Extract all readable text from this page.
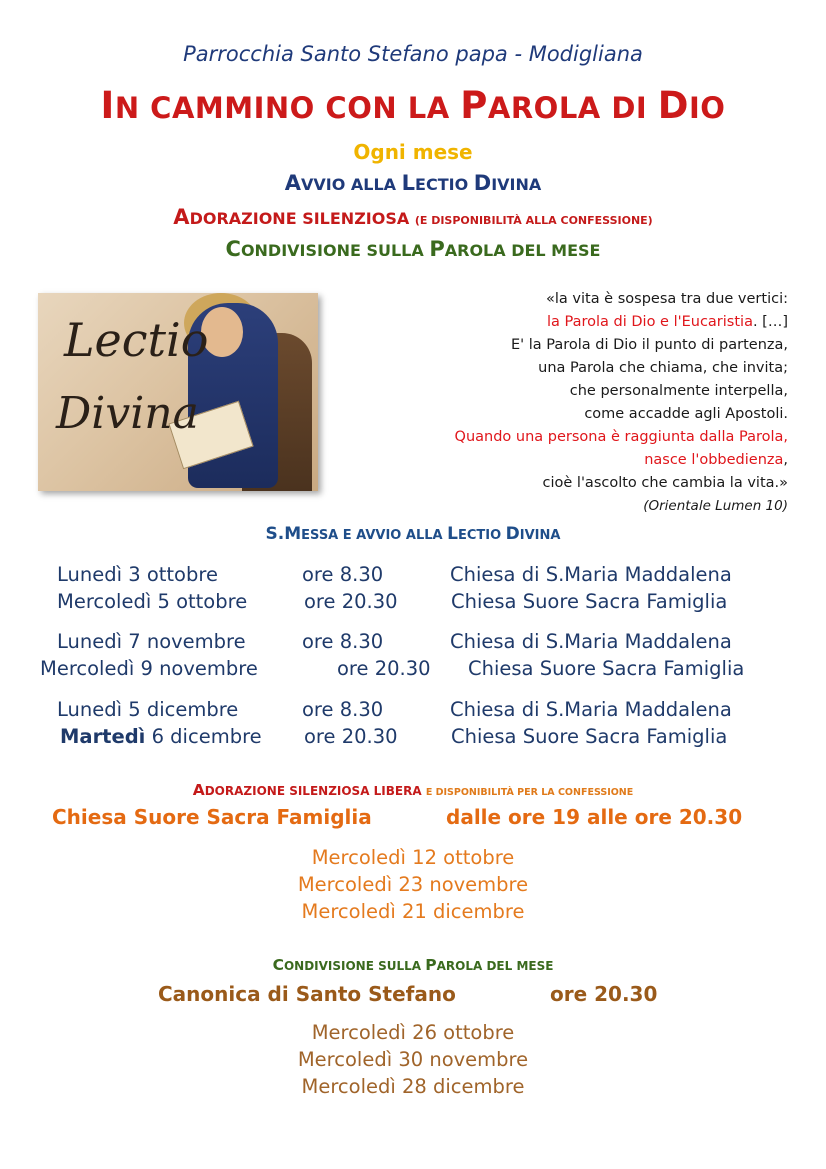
Parrocchia Santo Stefano papa - Modigliana
IN CAMMINO CON LA PAROLA DI DIO
Ogni mese
AVVIO ALLA LECTIO DIVINA
ADORAZIONE SILENZIOSA (E DISPONIBILITÀ ALLA CONFESSIONE)
CONDIVISIONE SULLA PAROLA DEL MESE
Lectio
Divina
«la vita è sospesa tra due vertici:
la Parola di Dio e l'Eucaristia. […]
E' la Parola di Dio il punto di partenza,
una Parola che chiama, che invita;
che personalmente interpella,
come accadde agli Apostoli.
Quando una persona è raggiunta dalla Parola,
nasce l'obbedienza,
cioè l'ascolto che cambia la vita.»
(Orientale Lumen 10)
S.MESSA E AVVIO ALLA LECTIO DIVINA
Lunedì 3 ottobre	ore 8.30	Chiesa di S.Maria Maddalena
Mercoledì 5 ottobre	ore 20.30	Chiesa Suore Sacra Famiglia
Lunedì 7 novembre	ore 8.30	Chiesa di S.Maria Maddalena
Mercoledì 9 novembre	ore 20.30 Chiesa Suore Sacra Famiglia
Lunedì 5 dicembre	ore 8.30	Chiesa di S.Maria Maddalena
Martedì 6 dicembre ore 20.30	Chiesa Suore Sacra Famiglia
ADORAZIONE SILENZIOSA LIBERA E DISPONIBILITÀ PER LA CONFESSIONE
Chiesa Suore Sacra Famiglia	dalle ore 19 alle ore 20.30
Mercoledì 12 ottobre
Mercoledì 23 novembre
Mercoledì 21 dicembre
CONDIVISIONE SULLA PAROLA DEL MESE
Canonica di Santo Stefano	ore 20.30
Mercoledì 26 ottobre
Mercoledì 30 novembre
Mercoledì 28 dicembre
